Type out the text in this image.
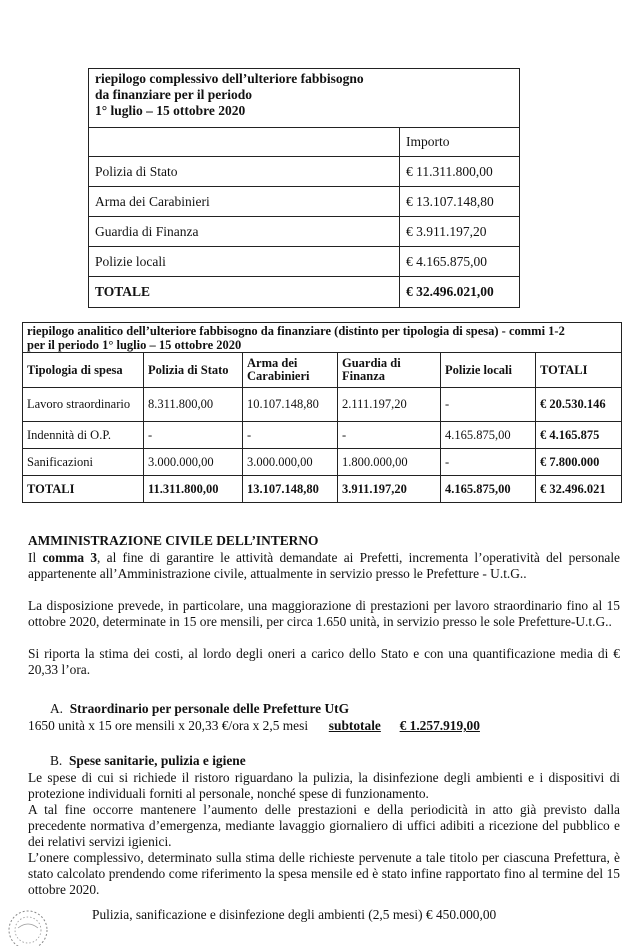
riepilogo complessivo dell’ulteriore fabbisogno
da finanziare per il periodo
1° luglio – 15 ottobre 2020	

	Importo
Polizia di Stato	€ 11.311.800,00
Arma dei Carabinieri	€ 13.107.148,80
Guardia di Finanza	€ 3.911.197,20
Polizie locali	€ 4.165.875,00
TOTALE	€ 32.496.021,00
riepilogo analitico dell’ulteriore fabbisogno da finanziare (distinto per tipologia di spesa) - commi 1-2
per il periodo 1° luglio – 15 ottobre 2020					

Tipologia di spesa	Polizia di Stato	Arma dei Carabinieri	Guardia di Finanza	Polizie locali	TOTALI
Lavoro straordinario	8.311.800,00	10.107.148,80	2.111.197,20	-	€ 20.530.146
Indennità di O.P.	-	-	-	4.165.875,00	€ 4.165.875
Sanificazioni	3.000.000,00	3.000.000,00	1.800.000,00	-	€ 7.800.000
TOTALI	11.311.800,00	13.107.148,80	3.911.197,20	4.165.875,00	€ 32.496.021
AMMINISTRAZIONE CIVILE DELL’INTERNO
Il comma 3, al fine di garantire le attività demandate ai Prefetti, incrementa l’operatività del personale appartenente all’Amministrazione civile, attualmente in servizio presso le Prefetture - U.t.G..
La disposizione prevede, in particolare, una maggiorazione di prestazioni per lavoro straordinario fino al 15 ottobre 2020, determinate in 15 ore mensili, per circa 1.650 unità, in servizio presso le sole Prefetture-U.t.G..
Si riporta la stima dei costi, al lordo degli oneri a carico dello Stato e con una quantificazione media di € 20,33 l’ora.
A. Straordinario per personale delle Prefetture UtG
1650 unità x 15 ore mensili x 20,33 €/ora x 2,5 mesi subtotale € 1.257.919,00
B. Spese sanitarie, pulizia e igiene
Le spese di cui si richiede il ristoro riguardano la pulizia, la disinfezione degli ambienti e i dispositivi di protezione individuali forniti al personale, nonché spese di funzionamento.
A tal fine occorre mantenere l’aumento delle prestazioni e della periodicità in atto già previsto dalla precedente normativa d’emergenza, mediante lavaggio giornaliero di uffici adibiti a ricezione del pubblico e dei relativi servizi igienici.
L’onere complessivo, determinato sulla stima delle richieste pervenute a tale titolo per ciascuna Prefettura, è stato calcolato prendendo come riferimento la spesa mensile ed è stato infine rapportato fino al termine del 15 ottobre 2020.
Pulizia, sanificazione e disinfezione degli ambienti (2,5 mesi) € 450.000,00
